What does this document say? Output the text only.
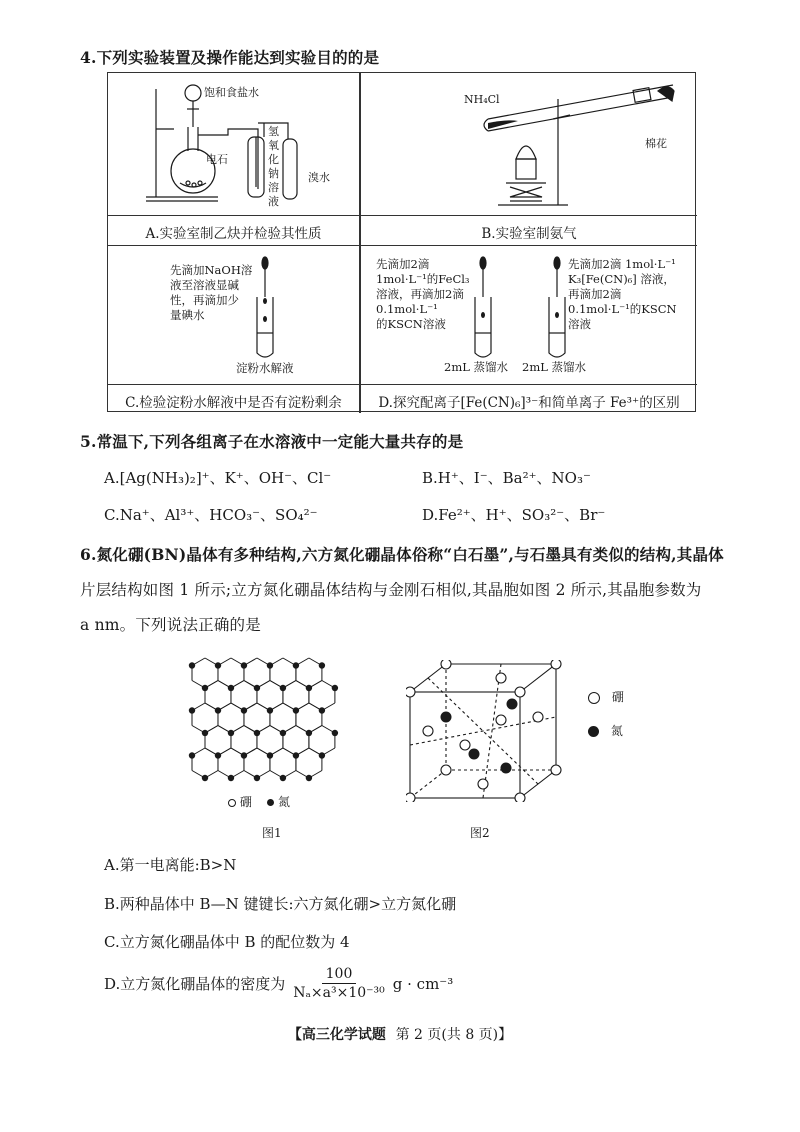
4.下列实验装置及操作能达到实验目的的是
饱和食盐水
电石
氢
氧
化
钠
溶
液
溴水
A.实验室制乙炔并检验其性质
NH₄Cl
棉花
B.实验室制氨气
先滴加NaOH溶
液至溶液显碱
性，再滴加少
量碘水
淀粉水解液
C.检验淀粉水解液中是否有淀粉剩余
先滴加2滴
1mol·L⁻¹的FeCl₃
溶液，再滴加2滴
0.1mol·L⁻¹
的KSCN溶液
2mL 蒸馏水
先滴加2滴 1mol·L⁻¹
K₃[Fe(CN)₆] 溶液，
再滴加2滴
0.1mol·L⁻¹的KSCN
溶液
2mL 蒸馏水
D.探究配离子[Fe(CN)₆]³⁻和简单离子 Fe³⁺的区别
5.常温下,下列各组离子在水溶液中一定能大量共存的是
A.[Ag(NH₃)₂]⁺、K⁺、OH⁻、Cl⁻	B.H⁺、I⁻、Ba²⁺、NO₃⁻
C.Na⁺、Al³⁺、HCO₃⁻、SO₄²⁻	D.Fe²⁺、H⁺、SO₃²⁻、Br⁻
6.氮化硼(BN)晶体有多种结构,六方氮化硼晶体俗称“白石墨”,与石墨具有类似的结构,其晶体
片层结构如图 1 所示;立方氮化硼晶体结构与金刚石相似,其晶胞如图 2 所示,其晶胞参数为
a nm。下列说法正确的是
硼 氮
图1
硼
氮
图2
A.第一电离能:B>N
B.两种晶体中 B—N 键键长:六方氮化硼>立方氮化硼
C.立方氮化硼晶体中 B 的配位数为 4
D.立方氮化硼晶体的密度为 $\frac{100}{\text{Nₐ×a³×10⁻³⁰}}$ g · cm⁻³
【高三化学试题 第 2 页(共 8 页)】
